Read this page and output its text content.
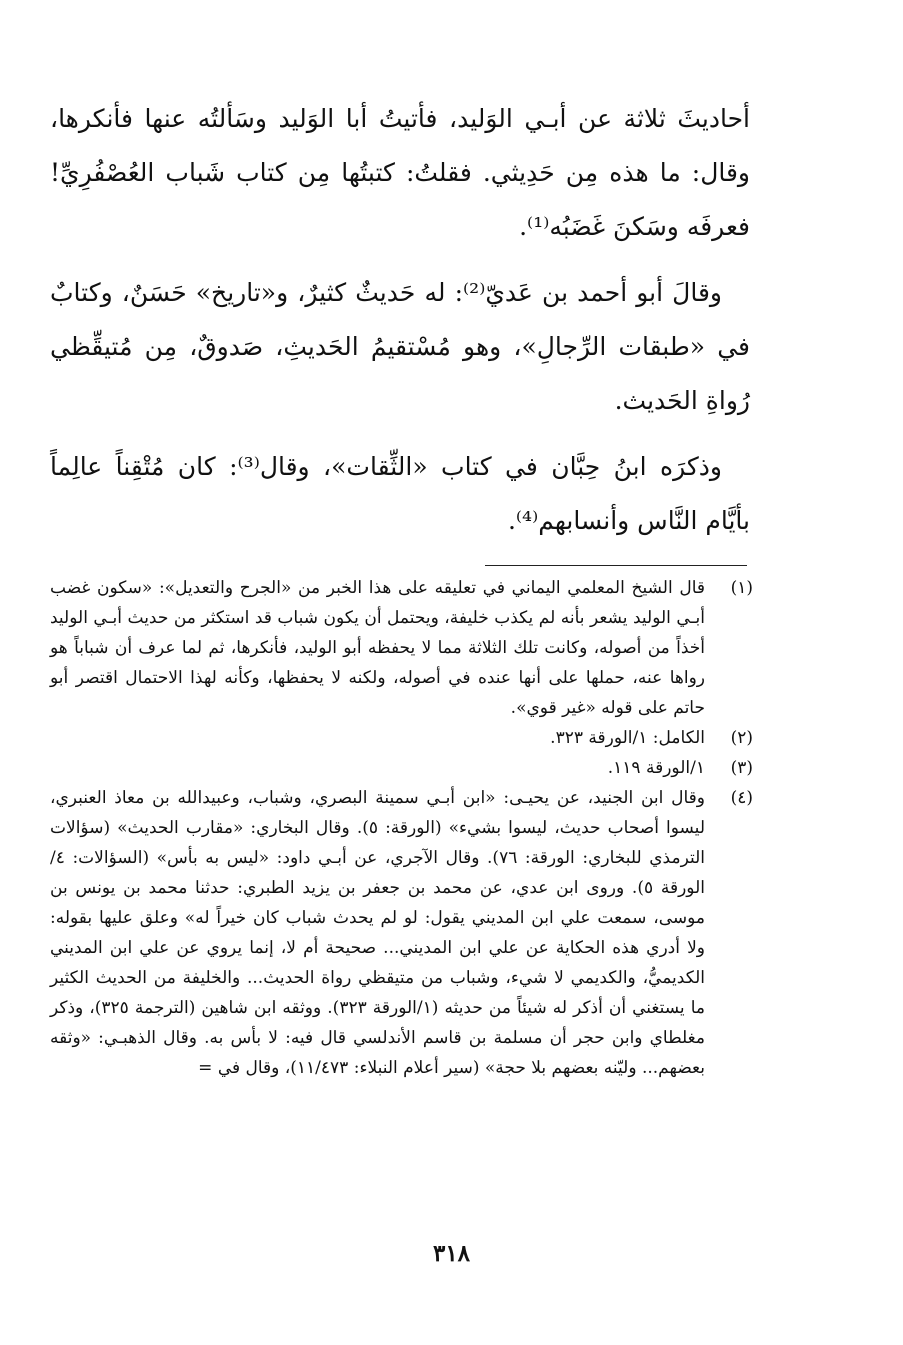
أحاديثَ ثلاثة عن أبـي الوَليد، فأتيتُ أبا الوَليد وسَألتُه عنها فأنكرها، وقال: ما هذه مِن حَدِيثي. فقلتُ: كتبتُها مِن كتاب شَباب العُصْفُرِيِّ! فعرفَه وسَكنَ غَضَبُه⁽¹⁾.

وقالَ أبو أحمد بن عَديّ⁽²⁾: له حَديثٌ كثيرٌ، و«تاريخ» حَسَنٌ، وكتابٌ في «طبقات الرِّجالِ»، وهو مُسْتقيمُ الحَديثِ، صَدوقٌ، مِن مُتيقِّظي رُواةِ الحَديث.

وذكرَه ابنُ حِبَّان في كتاب «الثِّقات»، وقال⁽³⁾: كان مُتْقِناً عالِماً بأيَّام النَّاس وأنسابهم⁽⁴⁾.

(١)
قال الشيخ المعلمي اليماني في تعليقه على هذا الخبر من «الجرح والتعديل»: «سكون غضب أبـي الوليد يشعر بأنه لم يكذب خليفة، ويحتمل أن يكون شباب قد استكثر من حديث أبـي الوليد أخذاً من أصوله، وكانت تلك الثلاثة مما لا يحفظه أبو الوليد، فأنكرها، ثم لما عرف أن شباباً هو رواها عنه، حملها على أنها عنده في أصوله، ولكنه لا يحفظها، وكأنه لهذا الاحتمال اقتصر أبو حاتم على قوله «غير قوي».

(٢)
الكامل: ١/الورقة ٣٢٣.

(٣)
١/الورقة ١١٩.

(٤)
وقال ابن الجنيد، عن يحيـى: «ابن أبـي سمينة البصري، وشباب، وعبيدالله بن معاذ العنبري، ليسوا أصحاب حديث، ليسوا بشيء» (الورقة: ٥). وقال البخاري: «مقارب الحديث» (سؤالات الترمذي للبخاري: الورقة: ٧٦). وقال الآجري، عن أبـي داود: «ليس به بأس» (السؤالات: ٤/الورقة ٥). وروى ابن عدي، عن محمد بن جعفر بن يزيد الطبري: حدثنا محمد بن يونس بن موسى، سمعت علي ابن المديني يقول: لو لم يحدث شباب كان خيراً له» وعلق عليها بقوله: ولا أدري هذه الحكاية عن علي ابن المديني... صحيحة أم لا، إنما يروي عن علي ابن المديني الكديميُّ، والكديمي لا شيء، وشباب من متيقظي رواة الحديث... والخليفة من الحديث الكثير ما يستغني أن أذكر له شيئاً من حديثه (١/الورقة ٣٢٣). ووثقه ابن شاهين (الترجمة ٣٢٥)، وذكر مغلطاي وابن حجر أن مسلمة بن قاسم الأندلسي قال فيه: لا بأس به. وقال الذهبـي: «وثقه بعضهم... وليّنه بعضهم بلا حجة» (سير أعلام النبلاء: ١١/٤٧٣)، وقال في =

٣١٨
